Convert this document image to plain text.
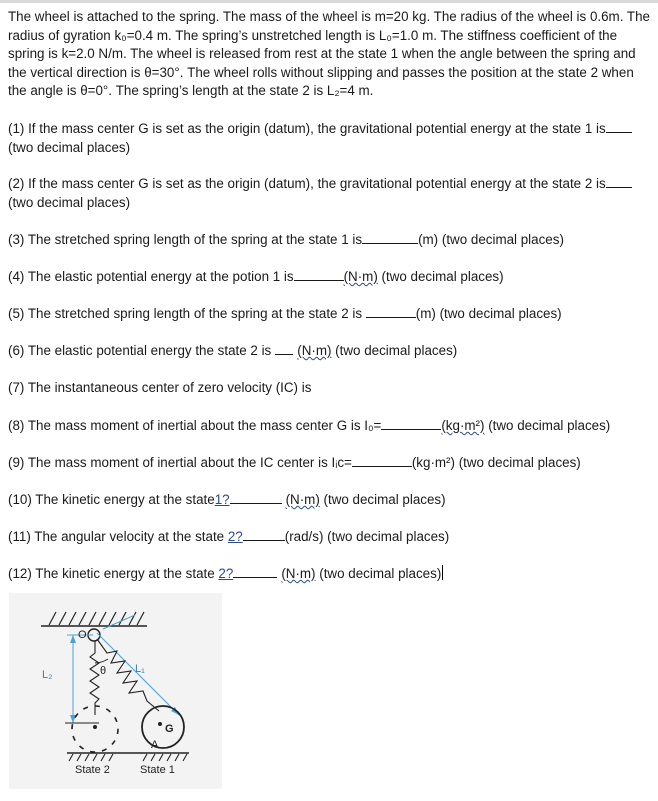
The wheel is attached to the spring. The mass of the wheel is m=20 kg. The radius of the wheel is 0.6m. The radius of gyration k₀=0.4 m. The spring’s unstretched length is L₀=1.0 m. The stiffness coefficient of the spring is k=2.0 N/m. The wheel is released from rest at the state 1 when the angle between the spring and the vertical direction is θ=30°. The wheel rolls without slipping and passes the position at the state 2 when the angle is θ=0°. The spring’s length at the state 2 is L₂=4 m.
(1) If the mass center G is set as the origin (datum), the gravitational potential energy at the state 1 is(two decimal places)
(2) If the mass center G is set as the origin (datum), the gravitational potential energy at the state 2 is(two decimal places)
(3) The stretched spring length of the spring at the state 1 is	(m) (two decimal places)
(4) The elastic potential energy at the potion 1 is	(N·m) (two decimal places)
(5) The stretched spring length of the spring at the state 2 is	(m) (two decimal places)
(6) The elastic potential energy the state 2 is (N·m) (two decimal places)
(7) The instantaneous center of zero velocity (IC) is
(8) The mass moment of inertial about the mass center G is I₀=	(kg·m²) (two decimal places)
(9) The mass moment of inertial about the IC center is Iᵢc=	(kg·m²) (two decimal places)
(10) The kinetic energy at the state1?	(N·m) (two decimal places)
(11) The angular velocity at the state 2?	(rad/s) (two decimal places)
(12) The kinetic energy at the state 2?	(N·m) (two decimal places)
O
L₂	L₁
θ
G
A
State 2	State 1
